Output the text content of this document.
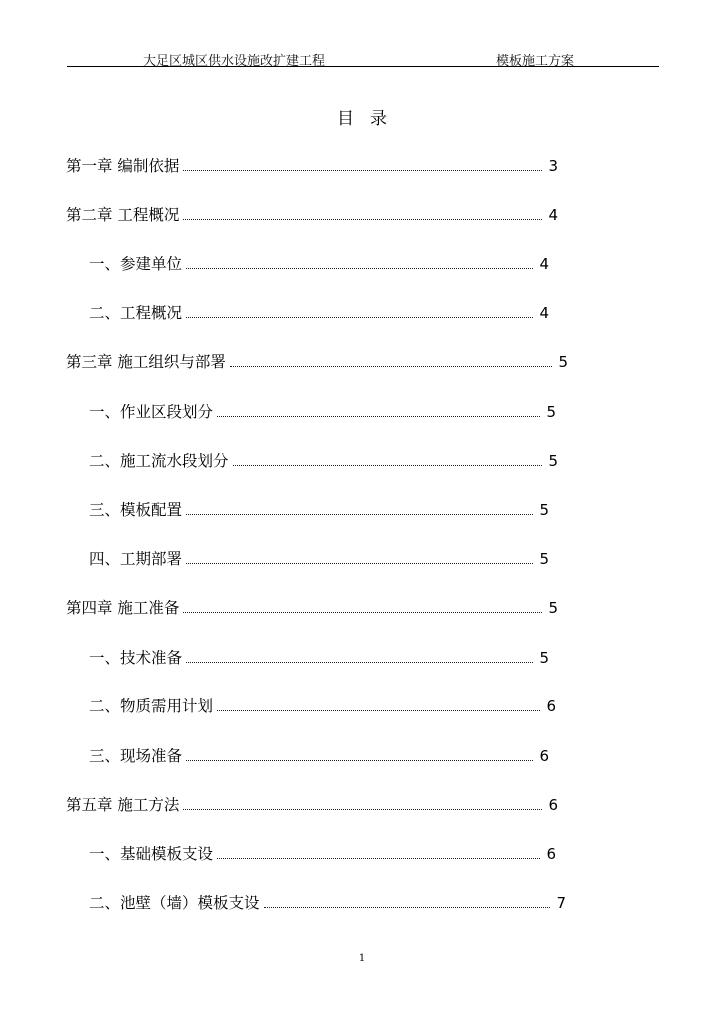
大足区城区供水设施改扩建工程	模板施工方案
目录
第一章 编制依据	3
第二章 工程概况	4
一、参建单位	4
二、工程概况	4
第三章 施工组织与部署	5
一、作业区段划分	5
二、施工流水段划分	5
三、模板配置	5
四、工期部署	5
第四章 施工准备	5
一、技术准备	5
二、物质需用计划	6
三、现场准备	6
第五章 施工方法	6
一、基础模板支设	6
二、池壁（墙）模板支设	7
1
